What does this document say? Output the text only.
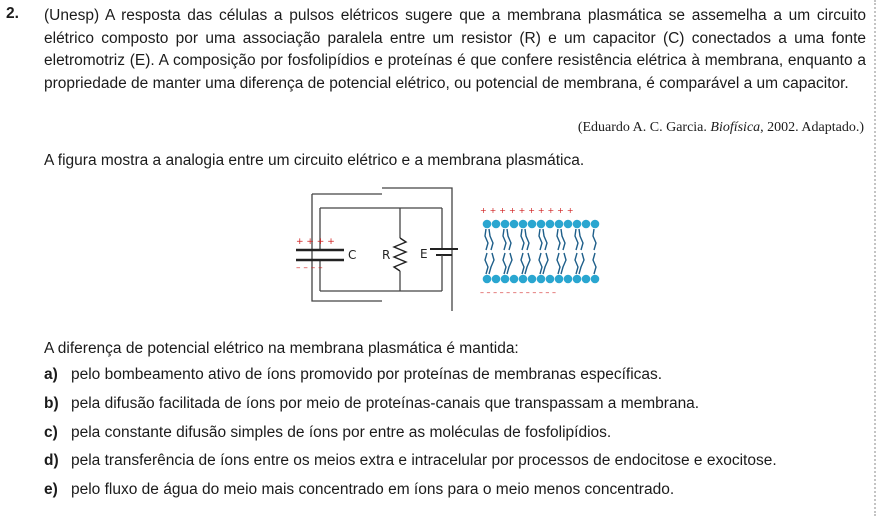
2. (Unesp) A resposta das células a pulsos elétricos sugere que a membrana plasmática se assemelha a um circuito elétrico composto por uma associação paralela entre um resistor (R) e um capacitor (C) conectados a uma fonte eletromotriz (E). A composição por fosfolipídios e proteínas é que confere resistência elétrica à membrana, enquanto a propriedade de manter uma diferença de potencial elétrico, ou potencial de membrana, é comparável a um capacitor.
(Eduardo A. C. Garcia. Biofísica, 2002. Adaptado.)
A figura mostra a analogia entre um circuito elétrico e a membrana plasmática.
+ + + +
– – – –
C R E
+ + + + + + + + + +
– – – – – – – – – – – –
A diferença de potencial elétrico na membrana plasmática é mantida:
a) pelo bombeamento ativo de íons promovido por proteínas de membranas específicas.
b) pela difusão facilitada de íons por meio de proteínas-canais que transpassam a membrana.
c) pela constante difusão simples de íons por entre as moléculas de fosfolipídios.
d) pela transferência de íons entre os meios extra e intracelular por processos de endocitose e exocitose.
e) pelo fluxo de água do meio mais concentrado em íons para o meio menos concentrado.
